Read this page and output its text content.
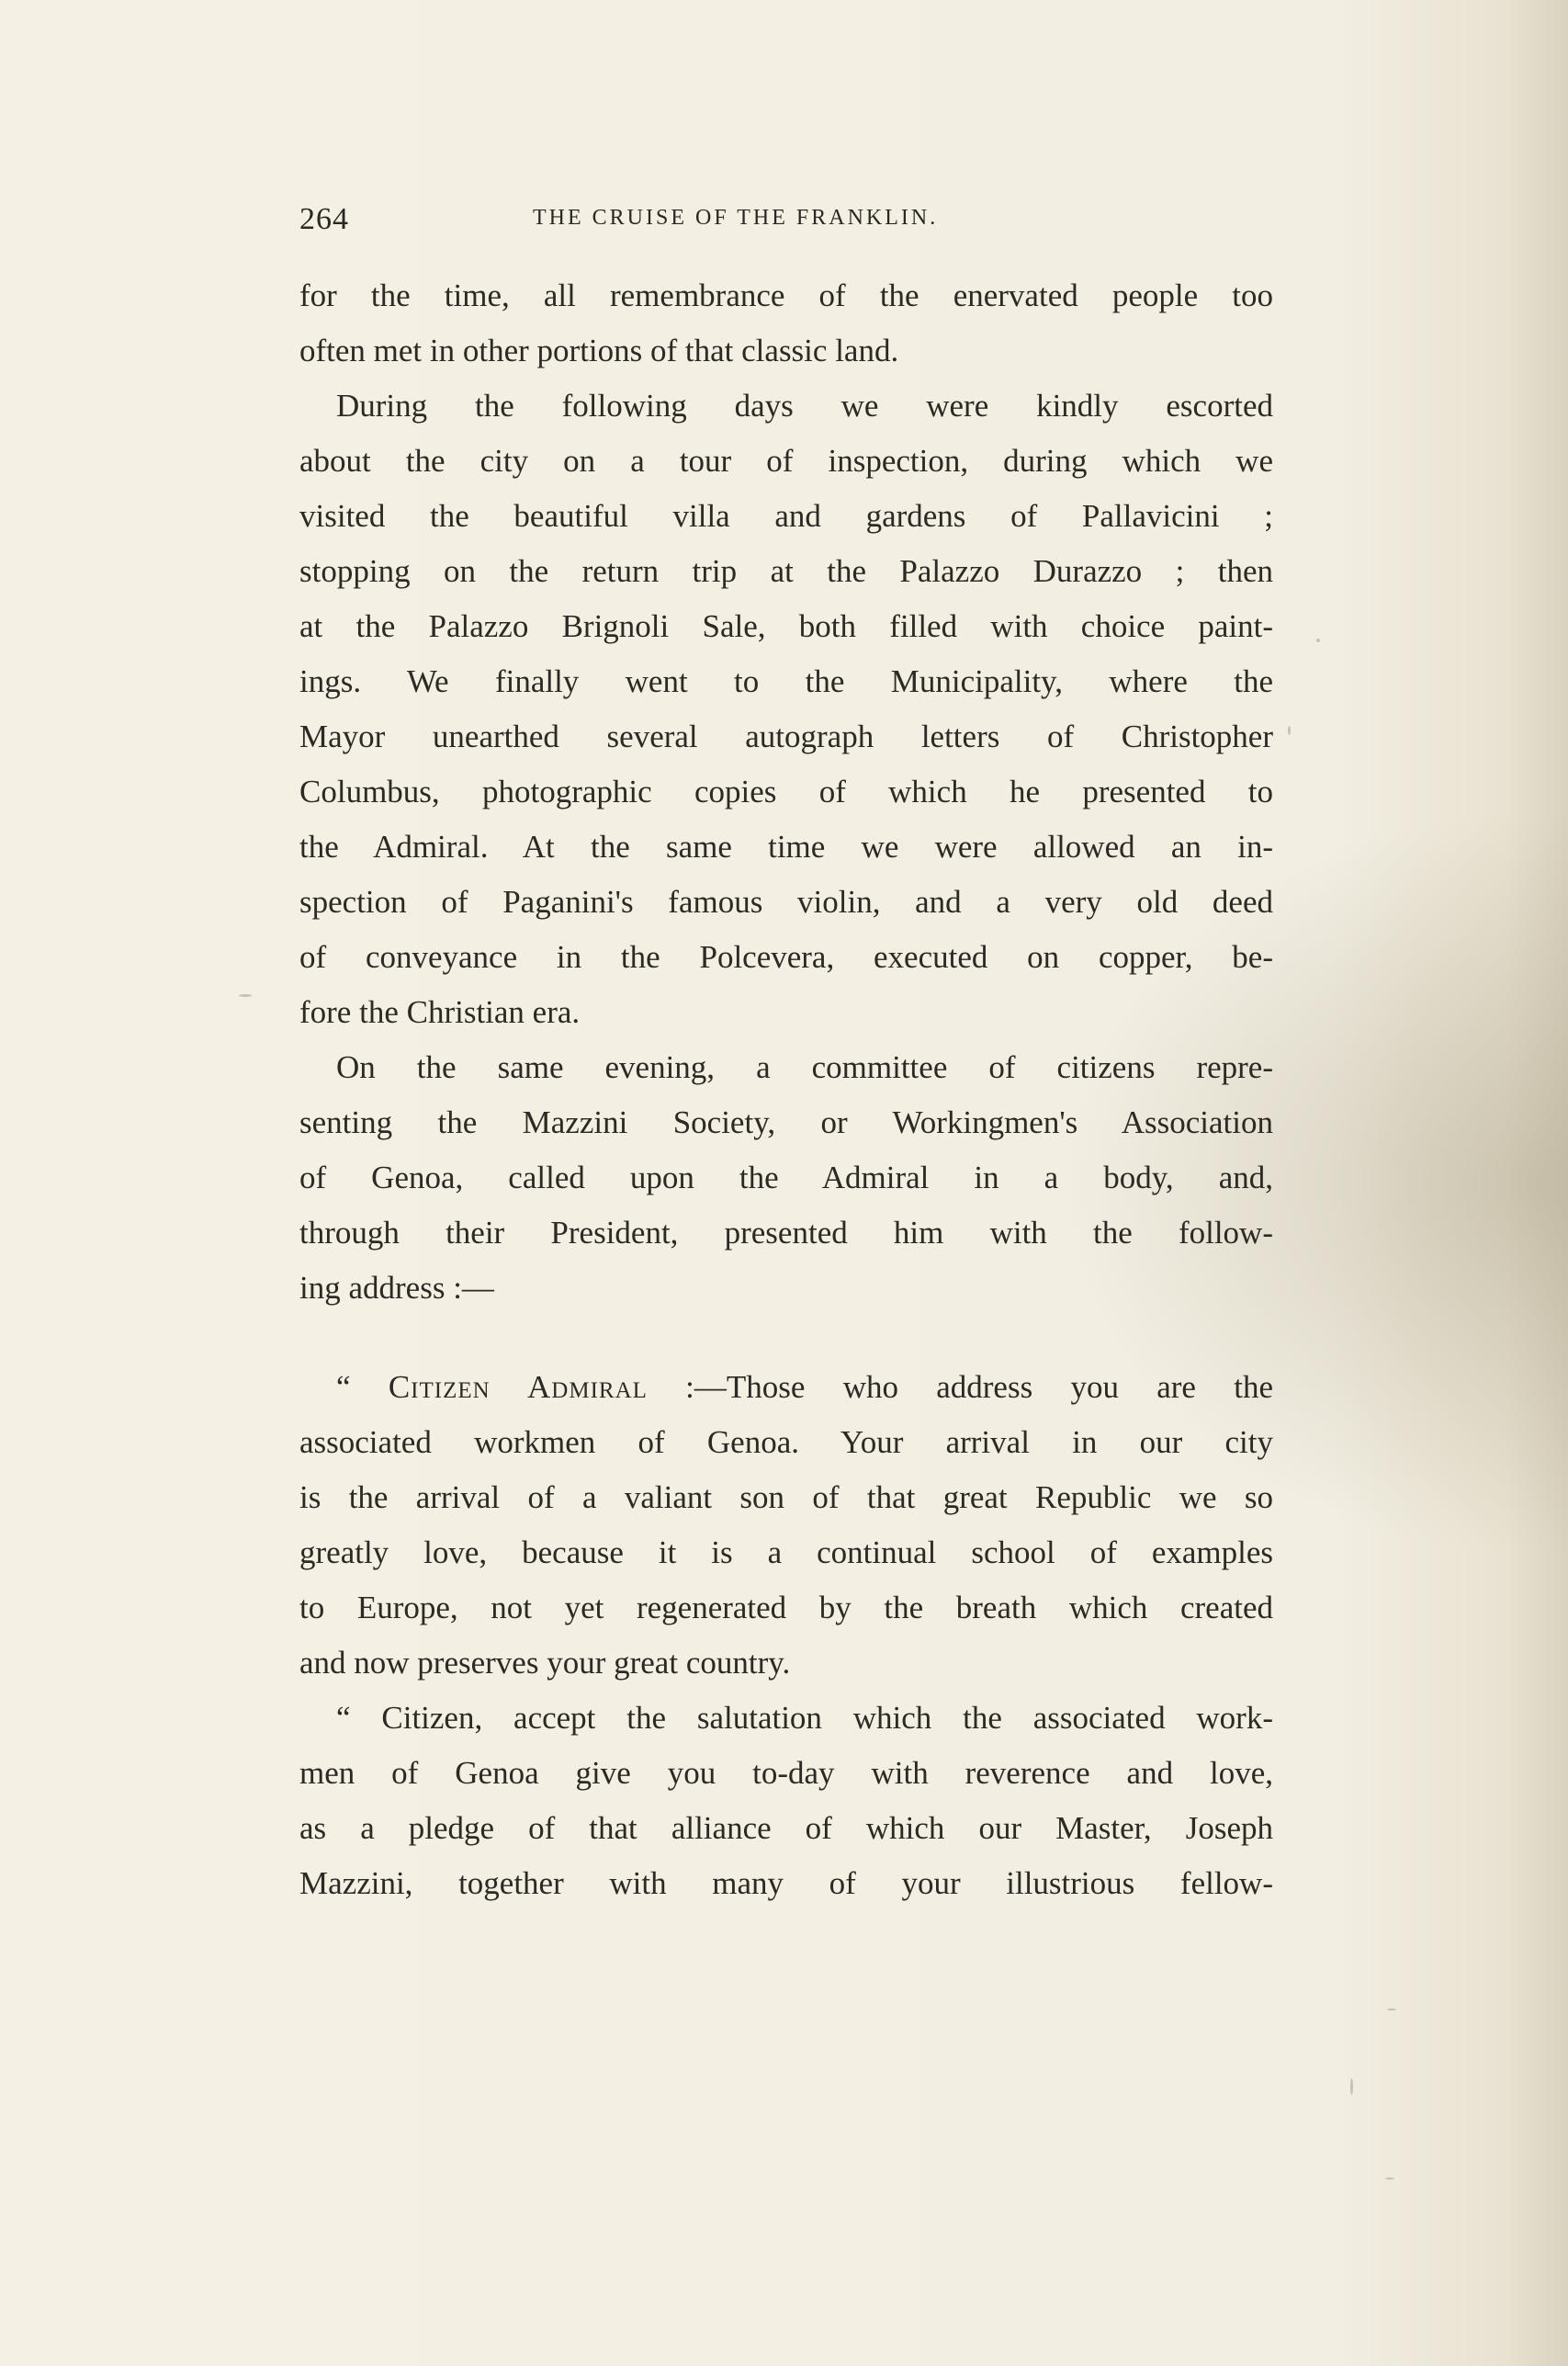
264	THE CRUISE OF THE FRANKLIN.
for the time, all remembrance of the enervated people too
often met in other portions of that classic land.
During the following days we were kindly escorted
about the city on a tour of inspection, during which we
visited the beautiful villa and gardens of Pallavicini ;
stopping on the return trip at the Palazzo Durazzo ; then
at the Palazzo Brignoli Sale, both filled with choice paint-
ings. We finally went to the Municipality, where the
Mayor unearthed several autograph letters of Christopher
Columbus, photographic copies of which he presented to
the Admiral. At the same time we were allowed an in-
spection of Paganini's famous violin, and a very old deed
of conveyance in the Polcevera, executed on copper, be-
fore the Christian era.
On the same evening, a committee of citizens repre-
senting the Mazzini Society, or Workingmen's Association
of Genoa, called upon the Admiral in a body, and,
through their President, presented him with the follow-
ing address :—
“ Citizen Admiral :—Those who address you are the
associated workmen of Genoa. Your arrival in our city
is the arrival of a valiant son of that great Republic we so
greatly love, because it is a continual school of examples
to Europe, not yet regenerated by the breath which created
and now preserves your great country.
“ Citizen, accept the salutation which the associated work-
men of Genoa give you to-day with reverence and love,
as a pledge of that alliance of which our Master, Joseph
Mazzini, together with many of your illustrious fellow-
